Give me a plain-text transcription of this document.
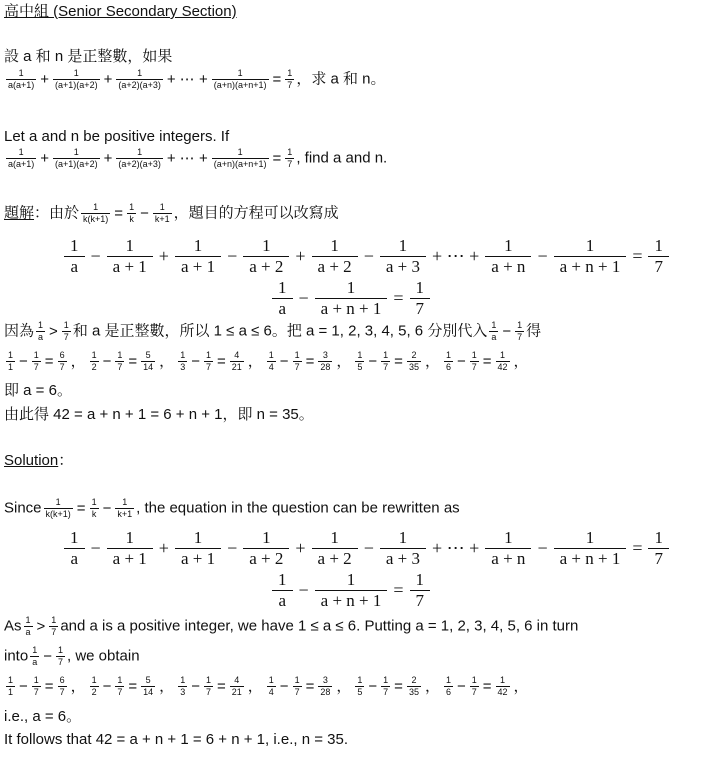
高中組 (Senior Secondary Section)
設 a 和 n 是正整數，如果
$\frac{1}{a(a+1)} + \frac{1}{(a+1)(a+2)} + \frac{1}{(a+2)(a+3)}$ + ⋯ + $\frac{1}{(a+n)(a+n+1)} = \frac{1}{7}$ ，求 a 和 n。
Let a and n be positive integers. If
$\frac{1}{a(a+1)} + \frac{1}{(a+1)(a+2)} + \frac{1}{(a+2)(a+3)}$ + ⋯ + $\frac{1}{(a+n)(a+n+1)} = \frac{1}{7}$ , find a and n.
題解：由於 $\frac{1}{k(k+1)} = \frac{1}{k} - \frac{1}{k+1}$ ，題目的方程可以改寫成
$\frac{1}{a} - \frac{1}{a + 1} + \frac{1}{a + 1} - \frac{1}{a + 2} + \frac{1}{a + 2} - \frac{1}{a + 3}$ + ⋯ + $\frac{1}{a + n} - \frac{1}{a + n + 1} = \frac{1}{7}$
$\frac{1}{a} - \frac{1}{a + n + 1} = \frac{1}{7}$
因為 $\frac{1}{a} > \frac{1}{7}$ 和 a 是正整數，所以 1 ≤ a ≤ 6。把 a = 1, 2, 3, 4, 5, 6 分別代入 $\frac{1}{a} - \frac{1}{7}$ 得
$\frac{1}{1} - \frac{1}{7} = \frac{6}{7}$ ， $\frac{1}{2} - \frac{1}{7} = \frac{5}{14}$ ， $\frac{1}{3} - \frac{1}{7} = \frac{4}{21}$ ， $\frac{1}{4} - \frac{1}{7} = \frac{3}{28}$ ， $\frac{1}{5} - \frac{1}{7} = \frac{2}{35}$ ， $\frac{1}{6} - \frac{1}{7} = \frac{1}{42}$ ，
即 a = 6。
由此得 42 = a + n + 1 = 6 + n + 1，即 n = 35。
Solution：
Since $\frac{1}{k(k+1)} = \frac{1}{k} - \frac{1}{k+1}$ , the equation in the question can be rewritten as
$\frac{1}{a} - \frac{1}{a + 1} + \frac{1}{a + 1} - \frac{1}{a + 2} + \frac{1}{a + 2} - \frac{1}{a + 3}$ + ⋯ + $\frac{1}{a + n} - \frac{1}{a + n + 1} = \frac{1}{7}$
$\frac{1}{a} - \frac{1}{a + n + 1} = \frac{1}{7}$
As $\frac{1}{a} > \frac{1}{7}$ and a is a positive integer, we have 1 ≤ a ≤ 6. Putting a = 1, 2, 3, 4, 5, 6 in turn
into $\frac{1}{a} - \frac{1}{7}$ , we obtain
$\frac{1}{1} - \frac{1}{7} = \frac{6}{7}$ ， $\frac{1}{2} - \frac{1}{7} = \frac{5}{14}$ ， $\frac{1}{3} - \frac{1}{7} = \frac{4}{21}$ ， $\frac{1}{4} - \frac{1}{7} = \frac{3}{28}$ ， $\frac{1}{5} - \frac{1}{7} = \frac{2}{35}$ ， $\frac{1}{6} - \frac{1}{7} = \frac{1}{42}$ ，
i.e., a = 6。
It follows that 42 = a + n + 1 = 6 + n + 1, i.e., n = 35.
